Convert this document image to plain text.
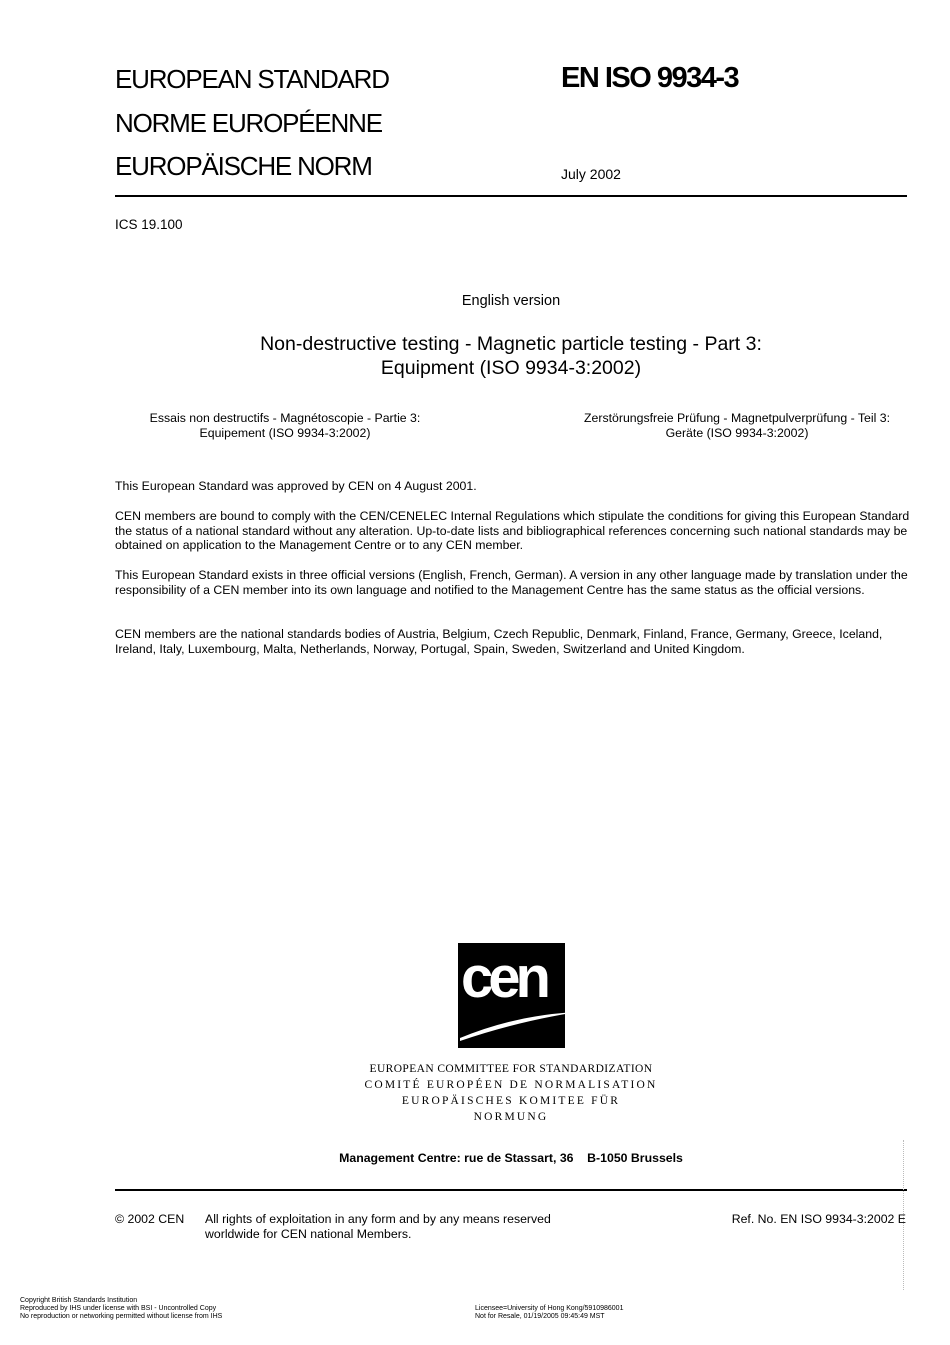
EUROPEAN STANDARD
NORME EUROPÉENNE
EUROPÄISCHE NORM
EN ISO 9934-3
July 2002
ICS 19.100
English version
Non-destructive testing - Magnetic particle testing - Part 3:
Equipment (ISO 9934-3:2002)
Essais non destructifs - Magnétoscopie - Partie 3:
Equipement (ISO 9934-3:2002)
Zerstörungsfreie Prüfung - Magnetpulverprüfung - Teil 3:
Geräte (ISO 9934-3:2002)
This European Standard was approved by CEN on 4 August 2001.
CEN members are bound to comply with the CEN/CENELEC Internal Regulations which stipulate the conditions for giving this European Standard the status of a national standard without any alteration. Up-to-date lists and bibliographical references concerning such national standards may be obtained on application to the Management Centre or to any CEN member.
This European Standard exists in three official versions (English, French, German). A version in any other language made by translation under the responsibility of a CEN member into its own language and notified to the Management Centre has the same status as the official versions.
CEN members are the national standards bodies of Austria, Belgium, Czech Republic, Denmark, Finland, France, Germany, Greece, Iceland, Ireland, Italy, Luxembourg, Malta, Netherlands, Norway, Portugal, Spain, Sweden, Switzerland and United Kingdom.
cen
EUROPEAN COMMITTEE FOR STANDARDIZATION
COMITÉ EUROPÉEN DE NORMALISATION
EUROPÄISCHES KOMITEE FÜR NORMUNG
Management Centre: rue de Stassart, 36    B-1050 Brussels
© 2002 CEN All rights of exploitation in any form and by any means reserved
worldwide for CEN national Members.
Ref. No. EN ISO 9934-3:2002 E
Copyright British Standards Institution
Reproduced by IHS under license with BSI - Uncontrolled Copy
No reproduction or networking permitted without license from IHS
Licensee=University of Hong Kong/5910986001
Not for Resale, 01/19/2005 09:45:49 MST
